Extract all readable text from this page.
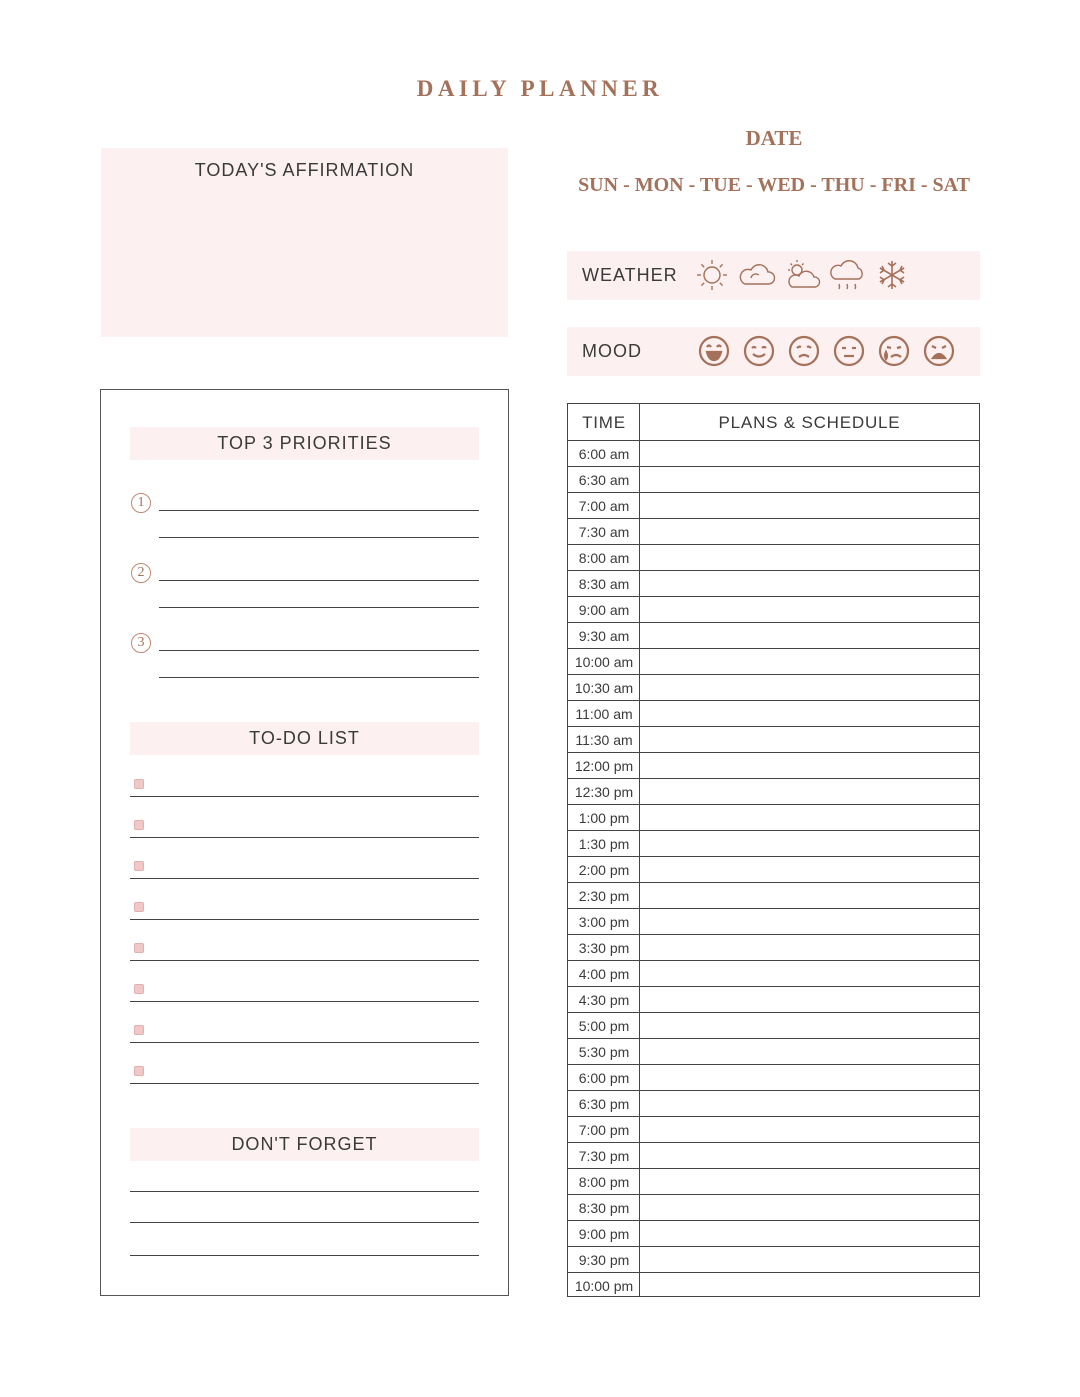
DAILY PLANNER
DATE
SUN - MON - TUE - WED - THU - FRI - SAT
TODAY'S AFFIRMATION
WEATHER
MOOD
TOP 3 PRIORITIES
1
2
3
TO-DO LIST
DON'T FORGET
TIME	PLANS & SCHEDULE
6:00 am
6:30 am
7:00 am
7:30 am
8:00 am
8:30 am
9:00 am
9:30 am
10:00 am
10:30 am
11:00 am
11:30 am
12:00 pm
12:30 pm
1:00 pm
1:30 pm
2:00 pm
2:30 pm
3:00 pm
3:30 pm
4:00 pm
4:30 pm
5:00 pm
5:30 pm
6:00 pm
6:30 pm
7:00 pm
7:30 pm
8:00 pm
8:30 pm
9:00 pm
9:30 pm
10:00 pm
